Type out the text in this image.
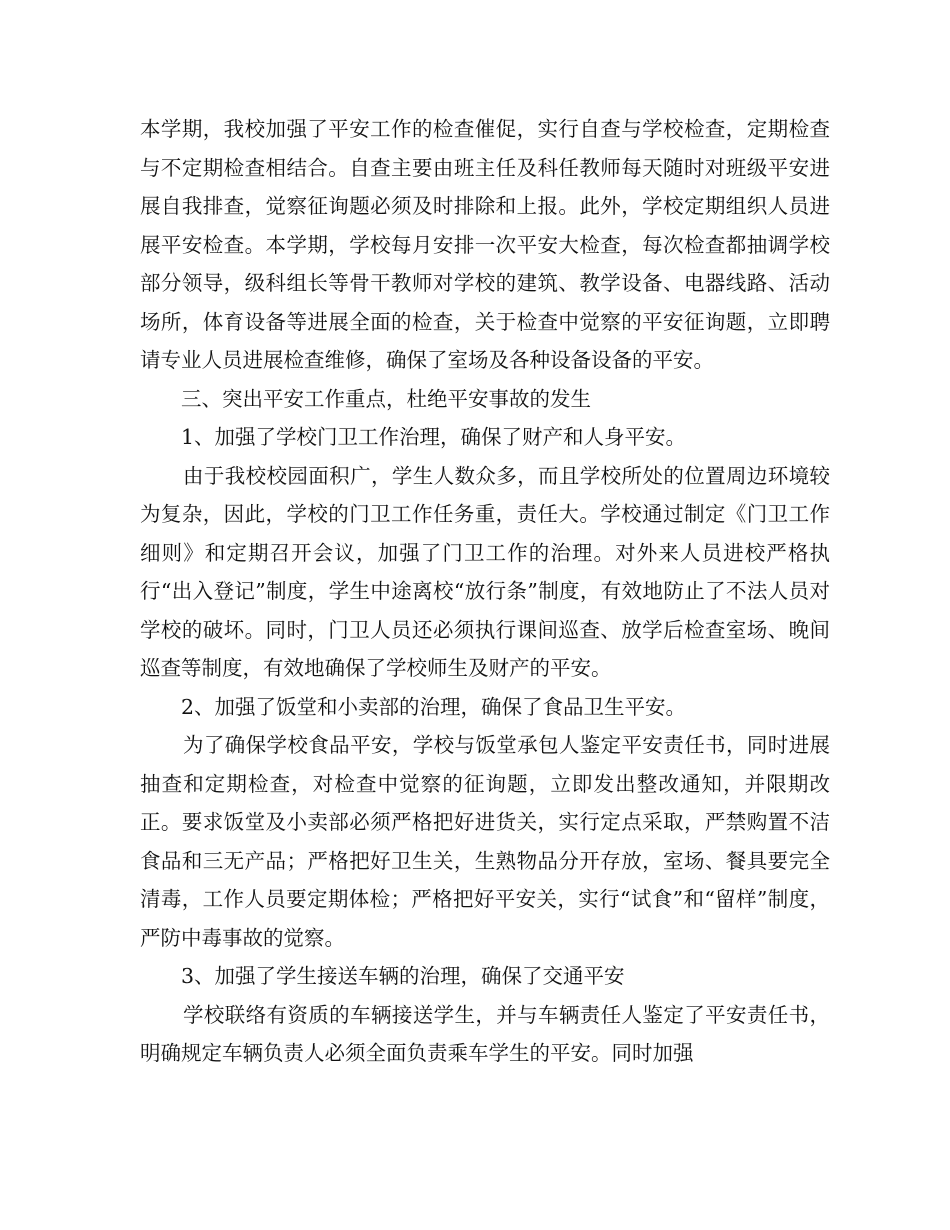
本学期，我校加强了平安工作的检查催促，实行自查与学校检查，定期检查与不定期检查相结合。自查主要由班主任及科任教师每天随时对班级平安进展自我排查，觉察征询题必须及时排除和上报。此外，学校定期组织人员进展平安检查。本学期，学校每月安排一次平安大检查，每次检查都抽调学校部分领导，级科组长等骨干教师对学校的建筑、教学设备、电器线路、活动场所，体育设备等进展全面的检查，关于检查中觉察的平安征询题，立即聘请专业人员进展检查维修，确保了室场及各种设备设备的平安。

三、突出平安工作重点，杜绝平安事故的发生

1、加强了学校门卫工作治理，确保了财产和人身平安。

由于我校校园面积广，学生人数众多，而且学校所处的位置周边环境较为复杂，因此，学校的门卫工作任务重，责任大。学校通过制定《门卫工作细则》和定期召开会议，加强了门卫工作的治理。对外来人员进校严格执行“出入登记”制度，学生中途离校“放行条”制度，有效地防止了不法人员对学校的破坏。同时，门卫人员还必须执行课间巡查、放学后检查室场、晚间巡查等制度，有效地确保了学校师生及财产的平安。

2、加强了饭堂和小卖部的治理，确保了食品卫生平安。

为了确保学校食品平安，学校与饭堂承包人鉴定平安责任书，同时进展抽查和定期检查，对检查中觉察的征询题，立即发出整改通知，并限期改正。要求饭堂及小卖部必须严格把好进货关，实行定点采取，严禁购置不洁食品和三无产品；严格把好卫生关，生熟物品分开存放，室场、餐具要完全清毒，工作人员要定期体检；严格把好平安关，实行“试食”和“留样”制度，严防中毒事故的觉察。

3、加强了学生接送车辆的治理，确保了交通平安

学校联络有资质的车辆接送学生，并与车辆责任人鉴定了平安责任书，明确规定车辆负责人必须全面负责乘车学生的平安。同时加强
